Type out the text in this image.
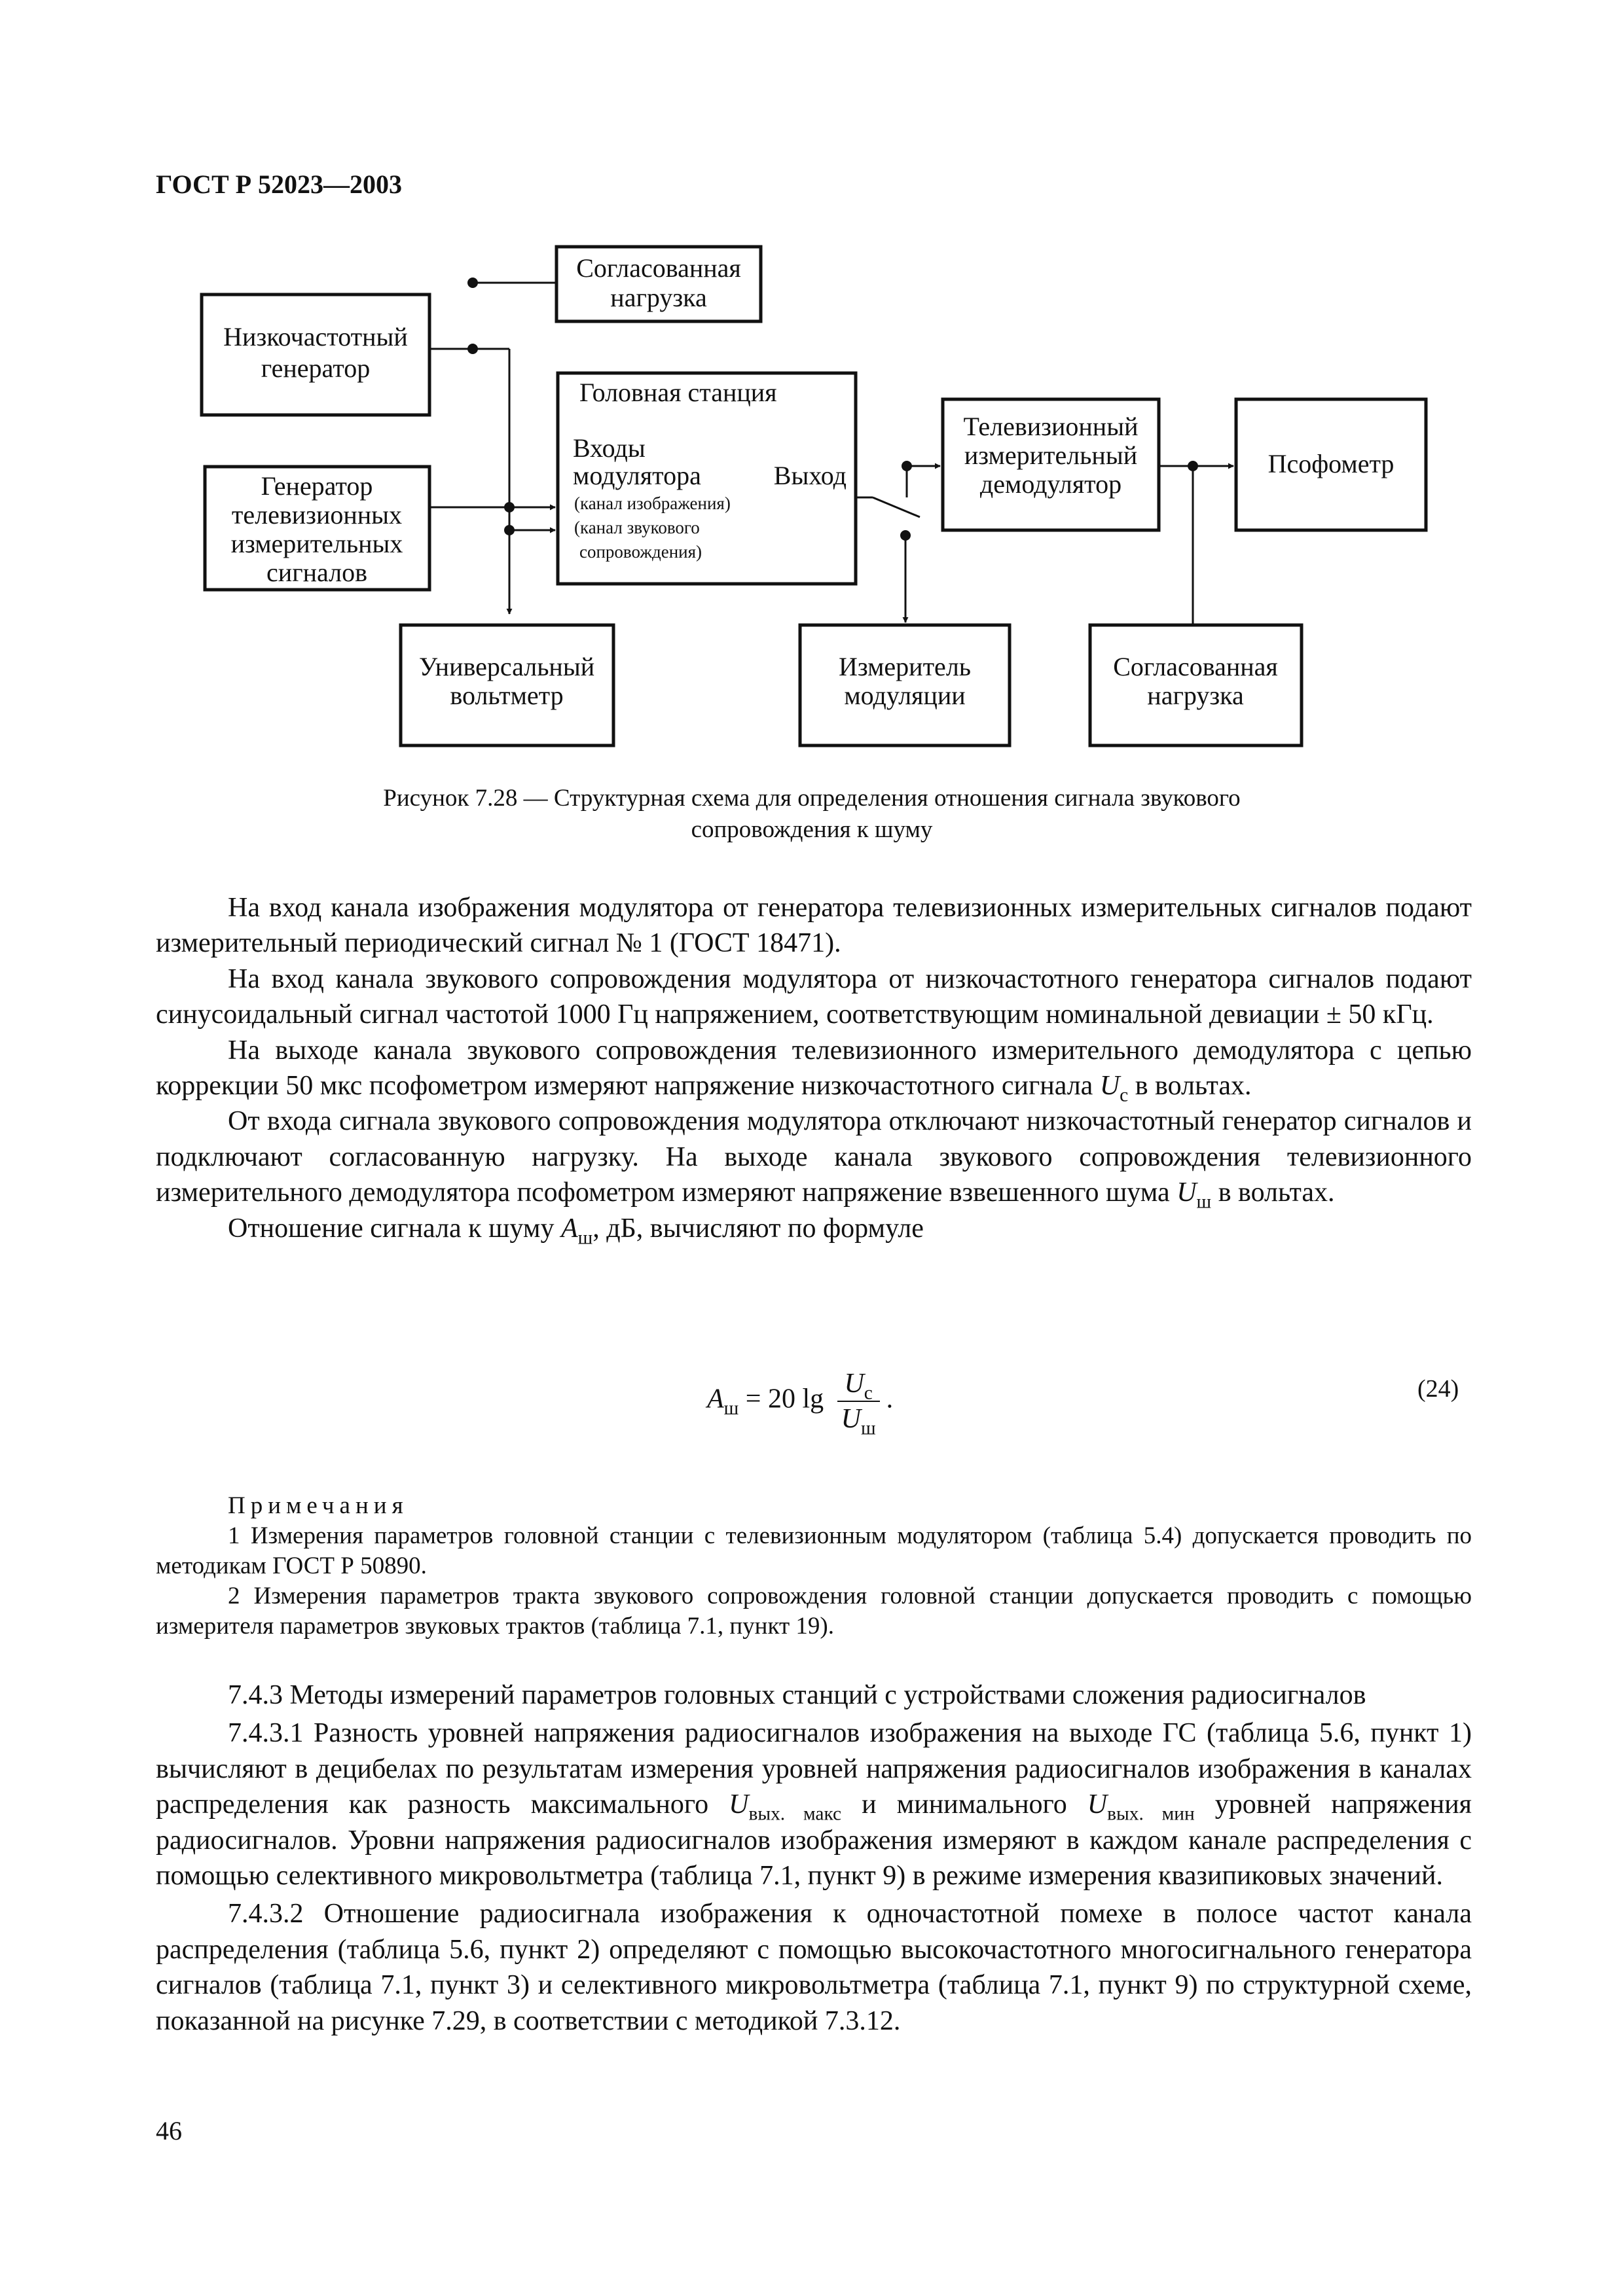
ГОСТ Р 52023—2003
Низкочастотный
генератор
Согласованная
нагрузка
Генератор
телевизионных
измерительных
сигналов
Телевизионный
измерительный
демодулятор
Псофометр
Универсальный
вольтметр
Измеритель
модуляции
Согласованная
нагрузка
Головная станция
Входы
модулятора	Выход
(канал изображения)
(канал звукового
сопровождения)
Рисунок 7.28 — Структурная схема для определения отношения сигнала звукового
сопровождения к шуму

На вход канала изображения модулятора от генератора телевизионных измерительных сигналов подают измерительный периодический сигнал № 1 (ГОСТ 18471).

На вход канала звукового сопровождения модулятора от низкочастотного генератора сигналов подают синусоидальный сигнал частотой 1000 Гц напряжением, соответствующим номинальной девиации ± 50 кГц.

На выходе канала звукового сопровождения телевизионного измерительного демодулятора с цепью коррекции 50 мкс псофометром измеряют напряжение низкочастотного сигнала $U_с$ в вольтах.

От входа сигнала звукового сопровождения модулятора отключают низкочастотный генератор сигналов и подключают согласованную нагрузку. На выходе канала звукового сопровождения телевизионного измерительного демодулятора псофометром измеряют напряжение взвешенного шума $U_ш$ в вольтах.

Отношение сигнала к шуму $A_ш$, дБ, вычисляют по формуле

$A_ш = 20$ $\lg \frac{U_с}{U_ш}$ .	(24)

Примечания

1 Измерения параметров головной станции с телевизионным модулятором (таблица 5.4) допускается проводить по методикам ГОСТ Р 50890.

2 Измерения параметров тракта звукового сопровождения головной станции допускается проводить с помощью измерителя параметров звуковых трактов (таблица 7.1, пункт 19).

7.4.3 Методы измерений параметров головных станций с устройствами сложения радиосигналов

7.4.3.1 Разность уровней напряжения радиосигналов изображения на выходе ГС (таблица 5.6, пункт 1) вычисляют в децибелах по результатам измерения уровней напряжения радиосигналов изображения в каналах распределения как разность максимального $U_{вых. макс}$ и минимального $U_{вых. мин}$ уровней напряжения радиосигналов. Уровни напряжения радиосигналов изображения измеряют в каждом канале распределения с помощью селективного микровольтметра (таблица 7.1, пункт 9) в режиме измерения квазипиковых значений.

7.4.3.2 Отношение радиосигнала изображения к одночастотной помехе в полосе частот канала распределения (таблица 5.6, пункт 2) определяют с помощью высокочастотного многосигнального генератора сигналов (таблица 7.1, пункт 3) и селективного микровольтметра (таблица 7.1, пункт 9) по структурной схеме, показанной на рисунке 7.29, в соответствии с методикой 7.3.12.

46
